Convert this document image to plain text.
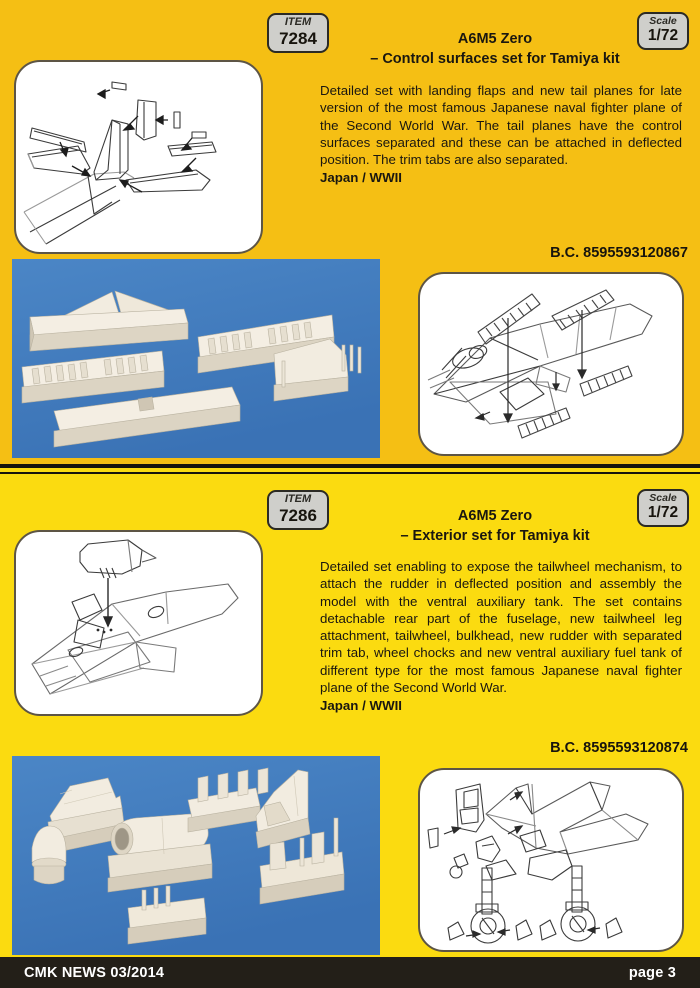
ITEM
7284
Scale
1/72
A6M5 Zero
– Control surfaces set for Tamiya kit
Detailed set with landing flaps and new tail planes for late version of the most famous Japanese naval fighter plane of the Second World War. The tail planes have the control surfaces separated and these can be attached in deflected position. The trim tabs are also separated.
Japan / WWII
B.C. 8595593120867
ITEM
7286
Scale
1/72
A6M5 Zero
– Exterior set for Tamiya kit
Detailed set enabling to expose the tailwheel mechanism, to attach the rudder in deflected position and assembly the model with the ventral auxiliary tank. The set contains detachable rear part of the fuselage, new tailwheel leg attachment, tailwheel, bulkhead, new rudder with separated trim tab, wheel chocks and new ventral auxiliary fuel tank of different type for the most famous Japanese naval fighter plane of the Second World War.
Japan / WWII
B.C. 8595593120874
CMK NEWS 03/2014	page 3
